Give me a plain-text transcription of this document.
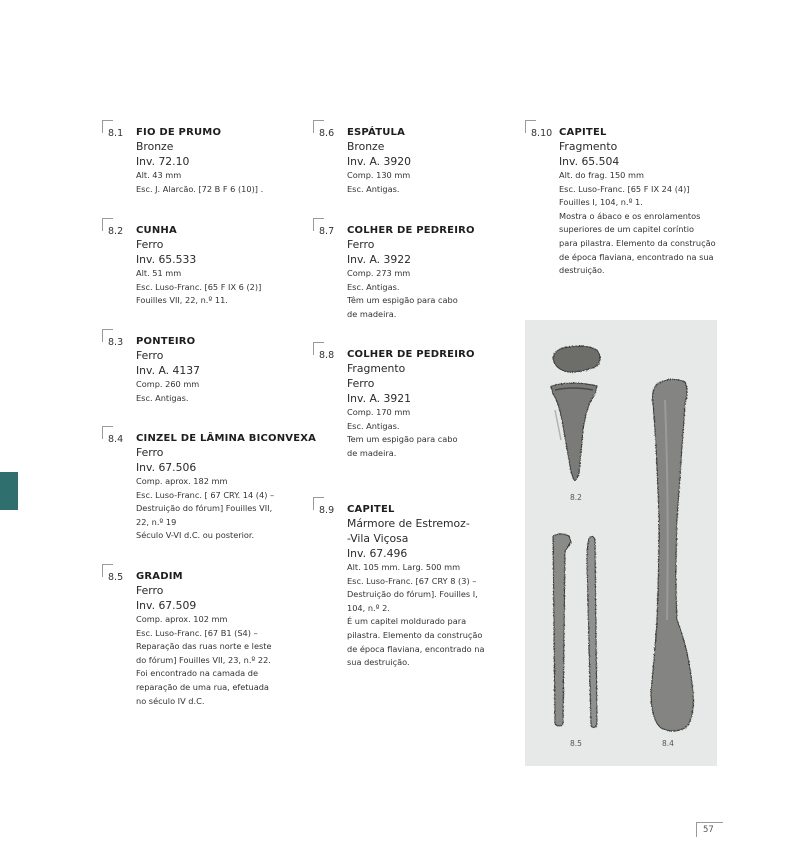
8.1 FIO DE PRUMO
Bronze
Inv. 72.10
Alt. 43 mm
Esc. J. Alarcão. [72 B F 6 (10)] .
8.2 CUNHA
Ferro
Inv. 65.533
Alt. 51 mm
Esc. Luso-Franc. [65 F IX 6 (2)]
Fouilles VII, 22, n.º 11.
8.3 PONTEIRO
Ferro
Inv. A. 4137
Comp. 260 mm
Esc. Antigas.
8.4 CINZEL DE LÂMINA BICONVEXA
Ferro
Inv. 67.506
Comp. aprox. 182 mm
Esc. Luso-Franc. [ 67 CRY. 14 (4) –
Destruição do fórum] Fouilles VII,
22, n.º 19
Século V-VI d.C. ou posterior.
8.5 GRADIM
Ferro
Inv. 67.509
Comp. aprox. 102 mm
Esc. Luso-Franc. [67 B1 (S4) –
Reparação das ruas norte e leste
do fórum] Fouilles VII, 23, n.º 22.
Foi encontrado na camada de
reparação de uma rua, efetuada
no século IV d.C.
8.6 ESPÁTULA
Bronze
Inv. A. 3920
Comp. 130 mm
Esc. Antigas.
8.7 COLHER DE PEDREIRO
Ferro
Inv. A. 3922
Comp. 273 mm
Esc. Antigas.
Têm um espigão para cabo
de madeira.
8.8 COLHER DE PEDREIRO
Fragmento
Ferro
Inv. A. 3921
Comp. 170 mm
Esc. Antigas.
Tem um espigão para cabo
de madeira.
8.9 CAPITEL
Mármore de Estremoz-
-Vila Viçosa
Inv. 67.496
Alt. 105 mm. Larg. 500 mm
Esc. Luso-Franc. [67 CRY 8 (3) –
Destruição do fórum]. Fouilles I,
104, n.º 2.
É um capitel moldurado para
pilastra. Elemento da construção
de época flaviana, encontrado na
sua destruição.
8.10 CAPITEL
Fragmento
Inv. 65.504
Alt. do frag. 150 mm
Esc. Luso-Franc. [65 F IX 24 (4)]
Fouilles I, 104, n.º 1.
Mostra o ábaco e os enrolamentos
superiores de um capitel coríntio
para pilastra. Elemento da construção
de época flaviana, encontrado na sua
destruição.
8.2
8.5	8.4
57
